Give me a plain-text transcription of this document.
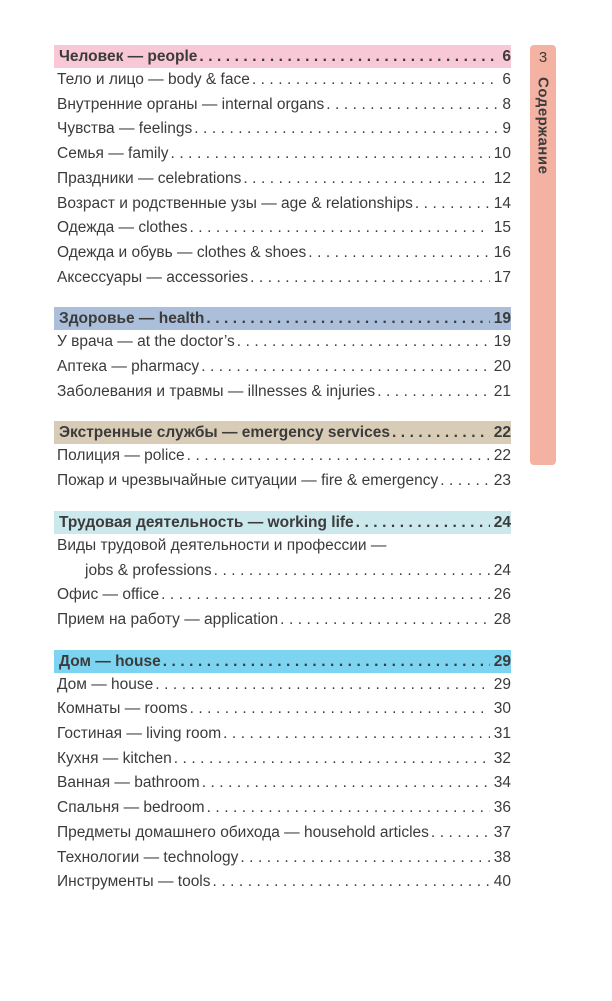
Человек — people .....	6
Тело и лицо — body & face .....	6
Внутренние органы — internal organs .....	8
Чувства — feelings .....	9
Семья — family .....	10
Праздники — celebrations .....	12
Возраст и родственные узы — age & relationships .....	14
Одежда — clothes .....	15
Одежда и обувь — clothes & shoes .....	16
Аксессуары — accessories .....	17
Здоровье — health .....	19
У врача — at the doctor’s .....	19
Аптека — pharmacy .....	20
Заболевания и травмы — illnesses & injuries .....	21
Экстренные службы — emergency services .....	22
Полиция — police .....	22
Пожар и чрезвычайные ситуации — fire & emergency .....	23
Трудовая деятельность — working life .....	24
Виды трудовой деятельности и профессии —
jobs & professions .....	24
Офис — office .....	26
Прием на работу — application .....	28
Дом — house .....	29
Дом — house .....	29
Комнаты — rooms .....	30
Гостиная — living room .....	31
Кухня — kitchen .....	32
Ванная — bathroom .....	34
Спальня — bedroom .....	36
Предметы домашнего обихода — household articles .....	37
Технологии — technology .....	38
Инструменты — tools .....	40
3
Содержание
